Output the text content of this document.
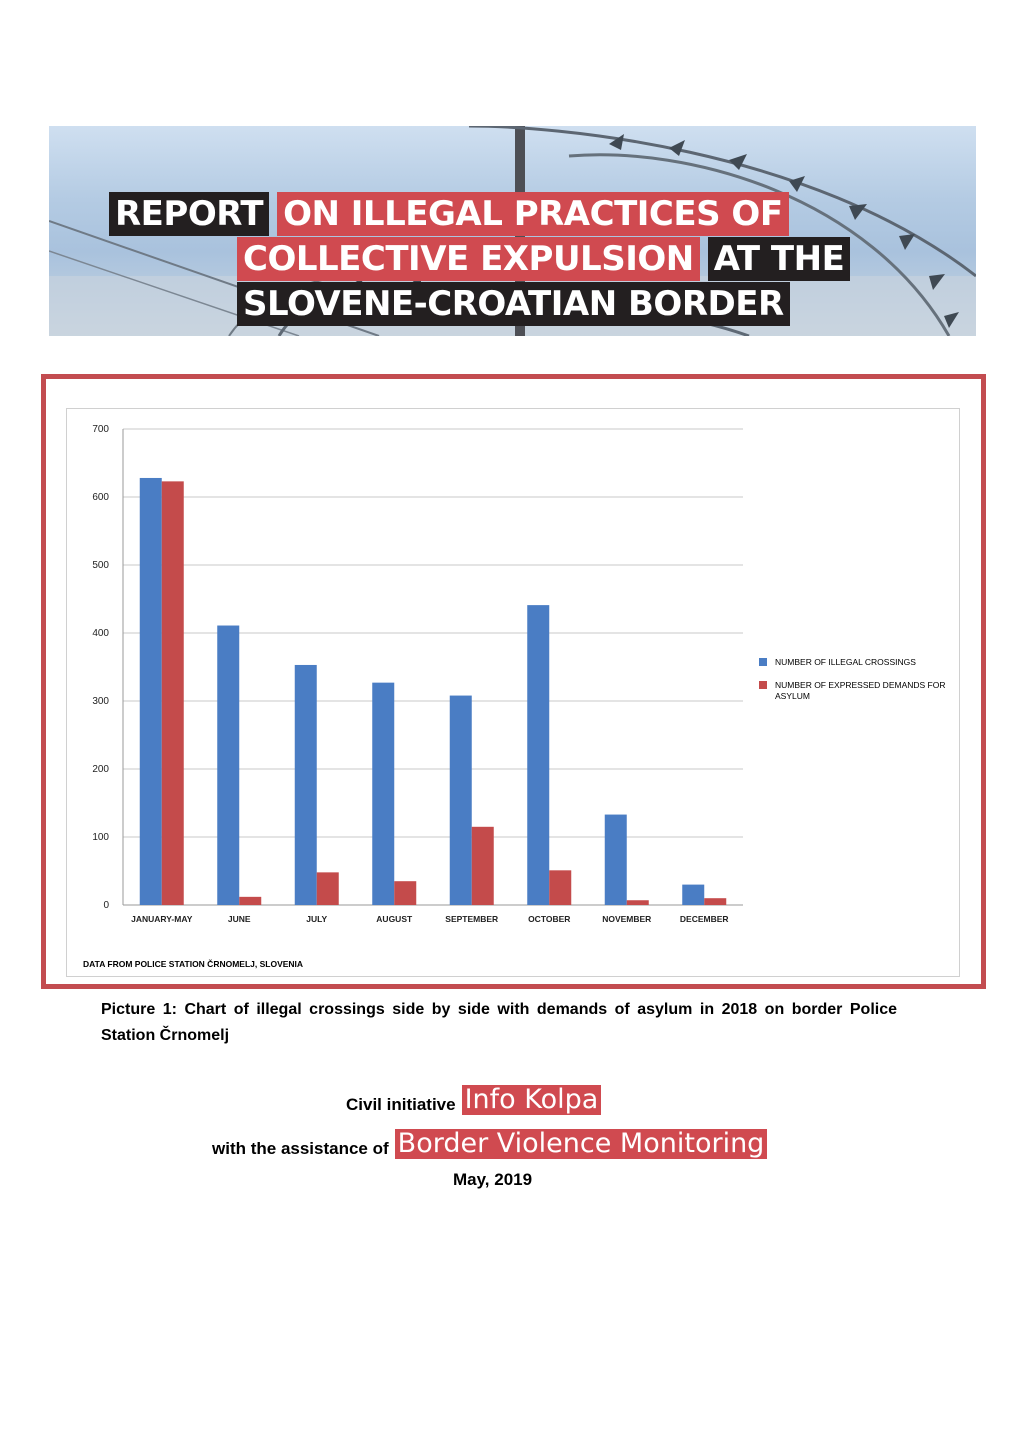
REPORT ON ILLEGAL PRACTICES OF
COLLECTIVE EXPULSION AT THE
SLOVENE-CROATIAN BORDER
0
100
200
300
400
500
600
700
JANUARY-MAY	JUNE	JULY	AUGUST	SEPTEMBER	OCTOBER	NOVEMBER	DECEMBER
NUMBER OF ILLEGAL CROSSINGS
NUMBER OF EXPRESSED DEMANDS FOR ASYLUM
DATA FROM POLICE STATION ČRNOMELJ, SLOVENIA
Picture 1: Chart of illegal crossings side by side with demands of asylum in 2018 on border Police Station Črnomelj
Civil initiative Info Kolpa
with the assistance of Border Violence Monitoring
May, 2019
